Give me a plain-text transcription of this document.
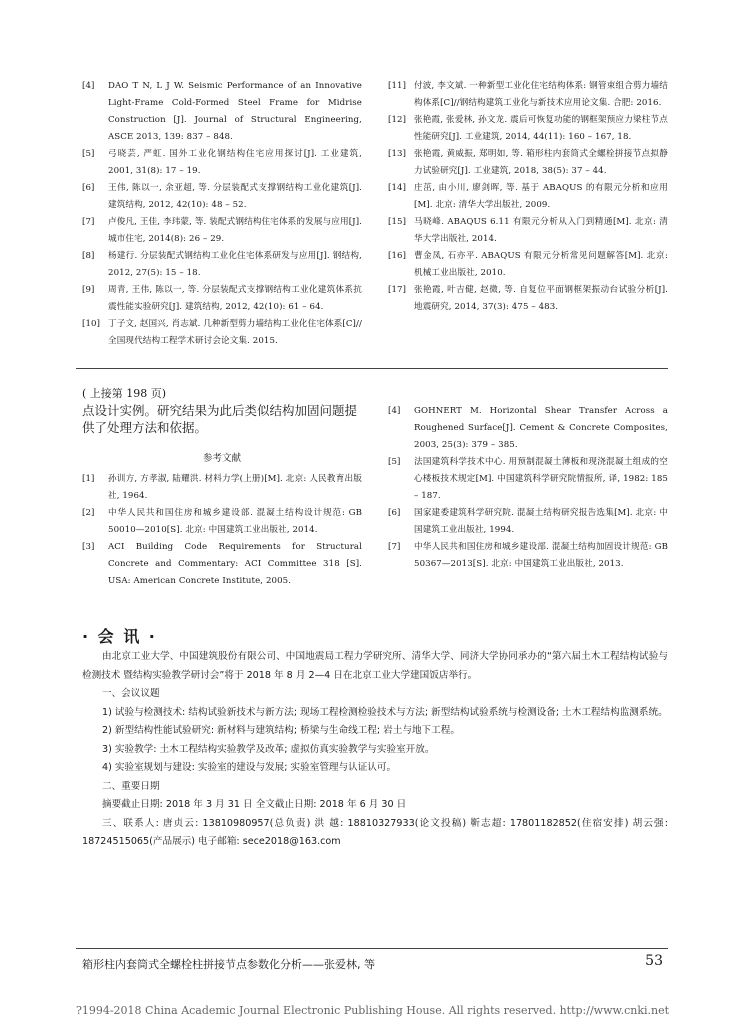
[4]	DAO T N, L J W. Seismic Performance of an Innovative Light-Frame Cold-Formed Steel Frame for Midrise Construction [J]. Journal of Structural Engineering, ASCE 2013, 139: 837 – 848.
[5]	弓晓芸, 严虹. 国外工业化钢结构住宅应用探讨[J]. 工业建筑, 2001, 31(8): 17 – 19.
[6]	王伟, 陈以一, 余亚超, 等. 分层装配式支撑钢结构工业化建筑[J]. 建筑结构, 2012, 42(10): 48 – 52.
[7]	卢俊凡, 王佳, 李玮蒙, 等. 装配式钢结构住宅体系的发展与应用[J]. 城市住宅, 2014(8): 26 – 29.
[8]	杨建行. 分层装配式钢结构工业化住宅体系研发与应用[J]. 钢结构, 2012, 27(5): 15 – 18.
[9]	周青, 王伟, 陈以一, 等. 分层装配式支撑钢结构工业化建筑体系抗震性能实验研究[J]. 建筑结构, 2012, 42(10): 61 – 64.
[10] 丁子文, 赵国兴, 肖志斌. 几种新型剪力墙结构工业化住宅体系[C]//全国现代结构工程学术研讨会论文集. 2015.
[11] 付波, 李文斌. 一种新型工业化住宅结构体系: 钢管束组合剪力墙结构体系[C]//钢结构建筑工业化与新技术应用论文集. 合肥: 2016.
[12] 张艳霞, 张爱林, 孙文龙. 震后可恢复功能的钢框架预应力梁柱节点性能研究[J]. 工业建筑, 2014, 44(11): 160 – 167, 18.
[13] 张艳霞, 黄威振, 郑明如, 等. 箱形柱内套筒式全螺栓拼接节点拟静力试验研究[J]. 工业建筑, 2018, 38(5): 37 – 44.
[14] 庄茁, 由小川, 廖剑晖, 等. 基于 ABAQUS 的有限元分析和应用[M]. 北京: 清华大学出版社, 2009.
[15] 马晓峰. ABAQUS 6.11 有限元分析从入门到精通[M]. 北京: 清华大学出版社, 2014.
[16] 曹金凤, 石亦平. ABAQUS 有限元分析常见问题解答[M]. 北京: 机械工业出版社, 2010.
[17] 张艳霞, 叶吉健, 赵微, 等. 自复位平面钢框架振动台试验分析[J]. 地震研究, 2014, 37(3): 475 – 483.
( 上接第 198 页)
点设计实例。研究结果为此后类似结构加固问题提供了处理方法和依据。
参考文献
[1]	孙训方, 方孝淑, 陆耀洪. 材料力学(上册)[M]. 北京: 人民教育出版社, 1964.
[2]	中华人民共和国住房和城乡建设部. 混凝土结构设计规范: GB 50010—2010[S]. 北京: 中国建筑工业出版社, 2014.
[3]	ACI Building Code Requirements for Structural Concrete and Commentary: ACI Committee 318 [S]. USA: American Concrete Institute, 2005.
[4]	GOHNERT M. Horizontal Shear Transfer Across a Roughened Surface[J]. Cement & Concrete Composites, 2003, 25(3): 379 – 385.
[5]	法国建筑科学技术中心. 用预制混凝土薄板和现浇混凝土组成的空心楼板技术规定[M]. 中国建筑科学研究院情报所, 译, 1982: 185 – 187.
[6]	国家建委建筑科学研究院. 混凝土结构研究报告选集[M]. 北京: 中国建筑工业出版社, 1994.
[7]	中华人民共和国住房和城乡建设部. 混凝土结构加固设计规范: GB 50367—2013[S]. 北京: 中国建筑工业出版社, 2013.
· 会 讯 ·

由北京工业大学、中国建筑股份有限公司、中国地震局工程力学研究所、清华大学、同济大学协同承办的“第六届土木工程结构试验与检测技术 暨结构实验教学研讨会”将于 2018 年 8 月 2—4 日在北京工业大学建国饭店举行。

一、会议议题

1) 试验与检测技术: 结构试验新技术与新方法; 现场工程检测检验技术与方法; 新型结构试验系统与检测设备; 土木工程结构监测系统。

2) 新型结构性能试验研究: 新材料与建筑结构; 桥梁与生命线工程; 岩土与地下工程。

3) 实验教学: 土木工程结构实验教学及改革; 虚拟仿真实验教学与实验室开放。

4) 实验室规划与建设: 实验室的建设与发展; 实验室管理与认证认可。

二、重要日期

摘要截止日期: 2018 年 3 月 31 日 全文截止日期: 2018 年 6 月 30 日

三、联系人: 唐贞云: 13810980957(总负责) 洪 越: 18810327933(论文投稿) 靳志超: 17801182852(住宿安排) 胡云强: 18724515065(产品展示) 电子邮箱: sece2018@163.com

箱形柱内套筒式全螺栓柱拼接节点参数化分析——张爱林, 等	53
?1994-2018 China Academic Journal Electronic Publishing House. All rights reserved. http://www.cnki.net
